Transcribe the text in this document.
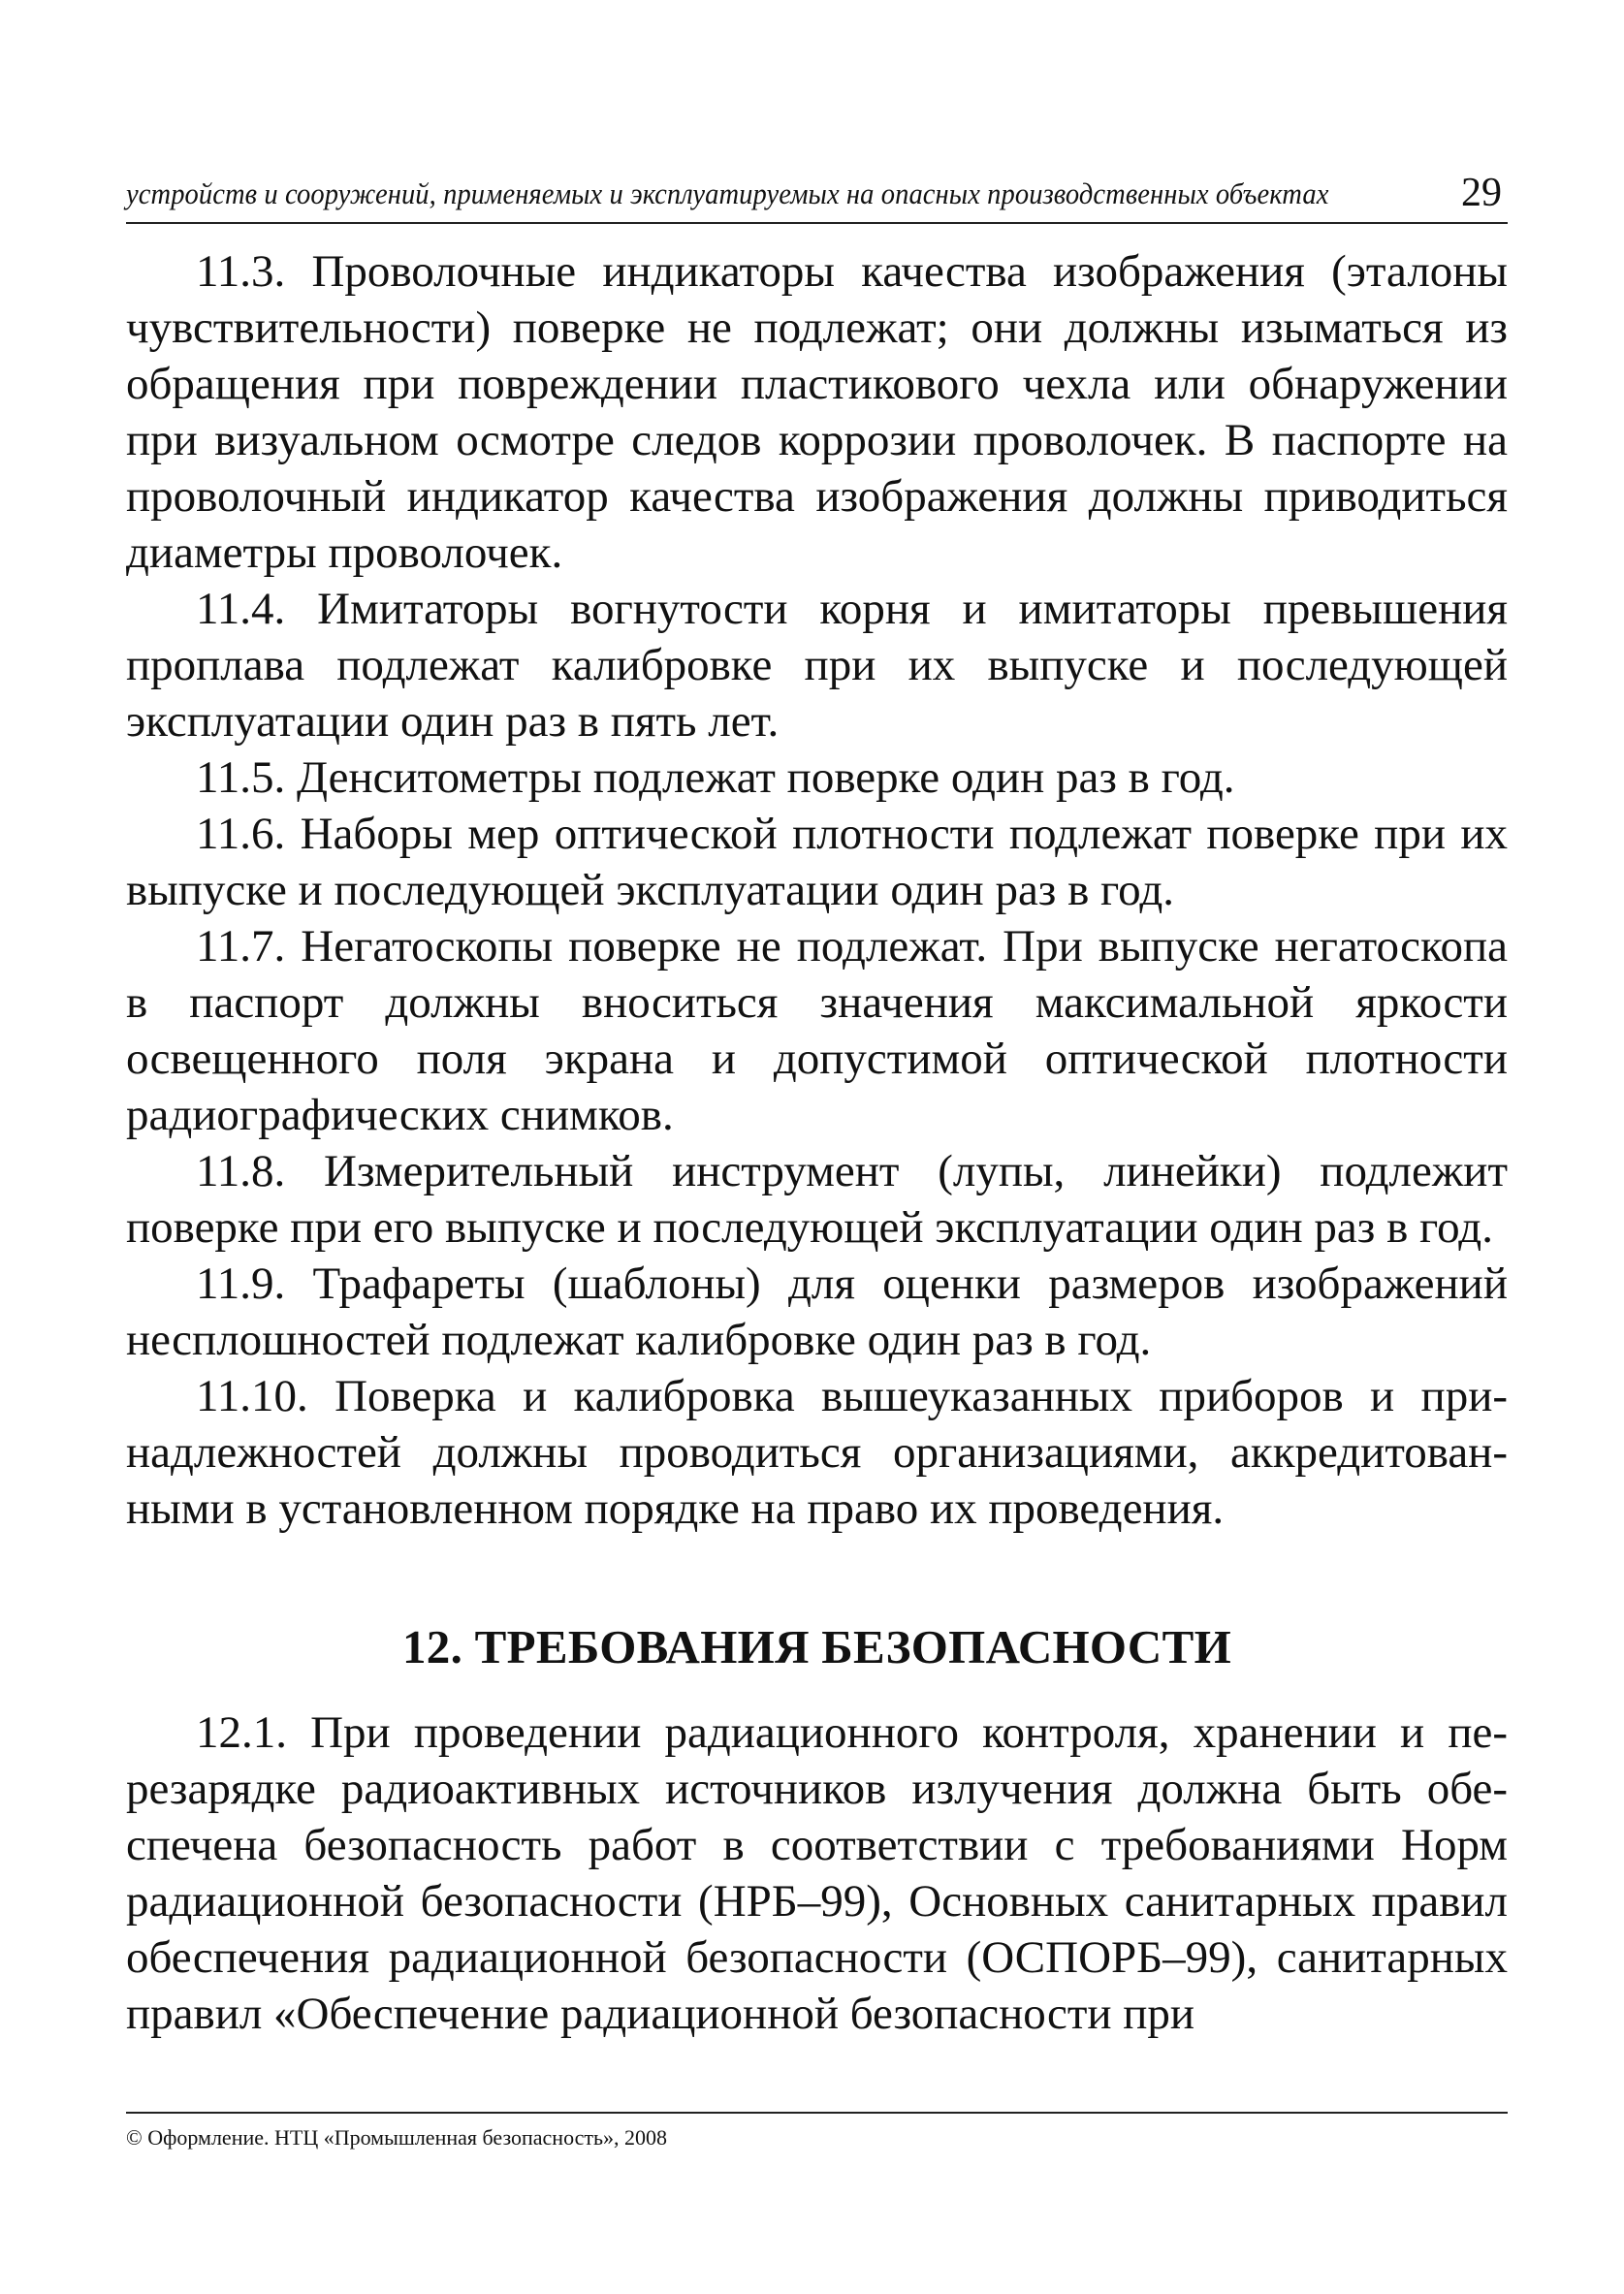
устройств и сооружений, применяемых и эксплуатируемых на опасных производственных объектах	29

11.3. Проволочные индикаторы качества изображения (эталоны чувствительности) поверке не подлежат; они должны изыматься из обращения при повреждении пластикового чехла или обнаружении при визуальном осмотре следов коррозии проволочек. В паспорте на проволочный индикатор качества изображения должны приводиться диаметры проволочек.

11.4. Имитаторы вогнутости корня и имитаторы превышения проплава подлежат калибровке при их выпуске и последующей эксплуатации один раз в пять лет.

11.5. Денситометры подлежат поверке один раз в год.

11.6. Наборы мер оптической плотности подлежат поверке при их выпуске и последующей эксплуатации один раз в год.

11.7. Негатоскопы поверке не подлежат. При выпуске негатоскопа в паспорт должны вноситься значения максимальной яркости освещенного поля экрана и допустимой оптической плотности радиографических снимков.

11.8. Измерительный инструмент (лупы, линейки) подлежит поверке при его выпуске и последующей эксплуатации один раз в год.

11.9. Трафареты (шаблоны) для оценки размеров изображений несплошностей подлежат калибровке один раз в год.

11.10. Поверка и калибровка вышеуказанных приборов и принадлежностей должны проводиться организациями, аккредитованными в установленном порядке на право их проведения.

12. ТРЕБОВАНИЯ БЕЗОПАСНОСТИ

12.1. При проведении радиационного контроля, хранении и перезарядке радиоактивных источников излучения должна быть обеспечена безопасность работ в соответствии с требованиями Норм радиационной безопасности (НРБ–99), Основных санитарных правил обеспечения радиационной безопасности (ОСПОРБ–99), санитарных правил «Обеспечение радиационной безопасности при

© Оформление. НТЦ «Промышленная безопасность», 2008
